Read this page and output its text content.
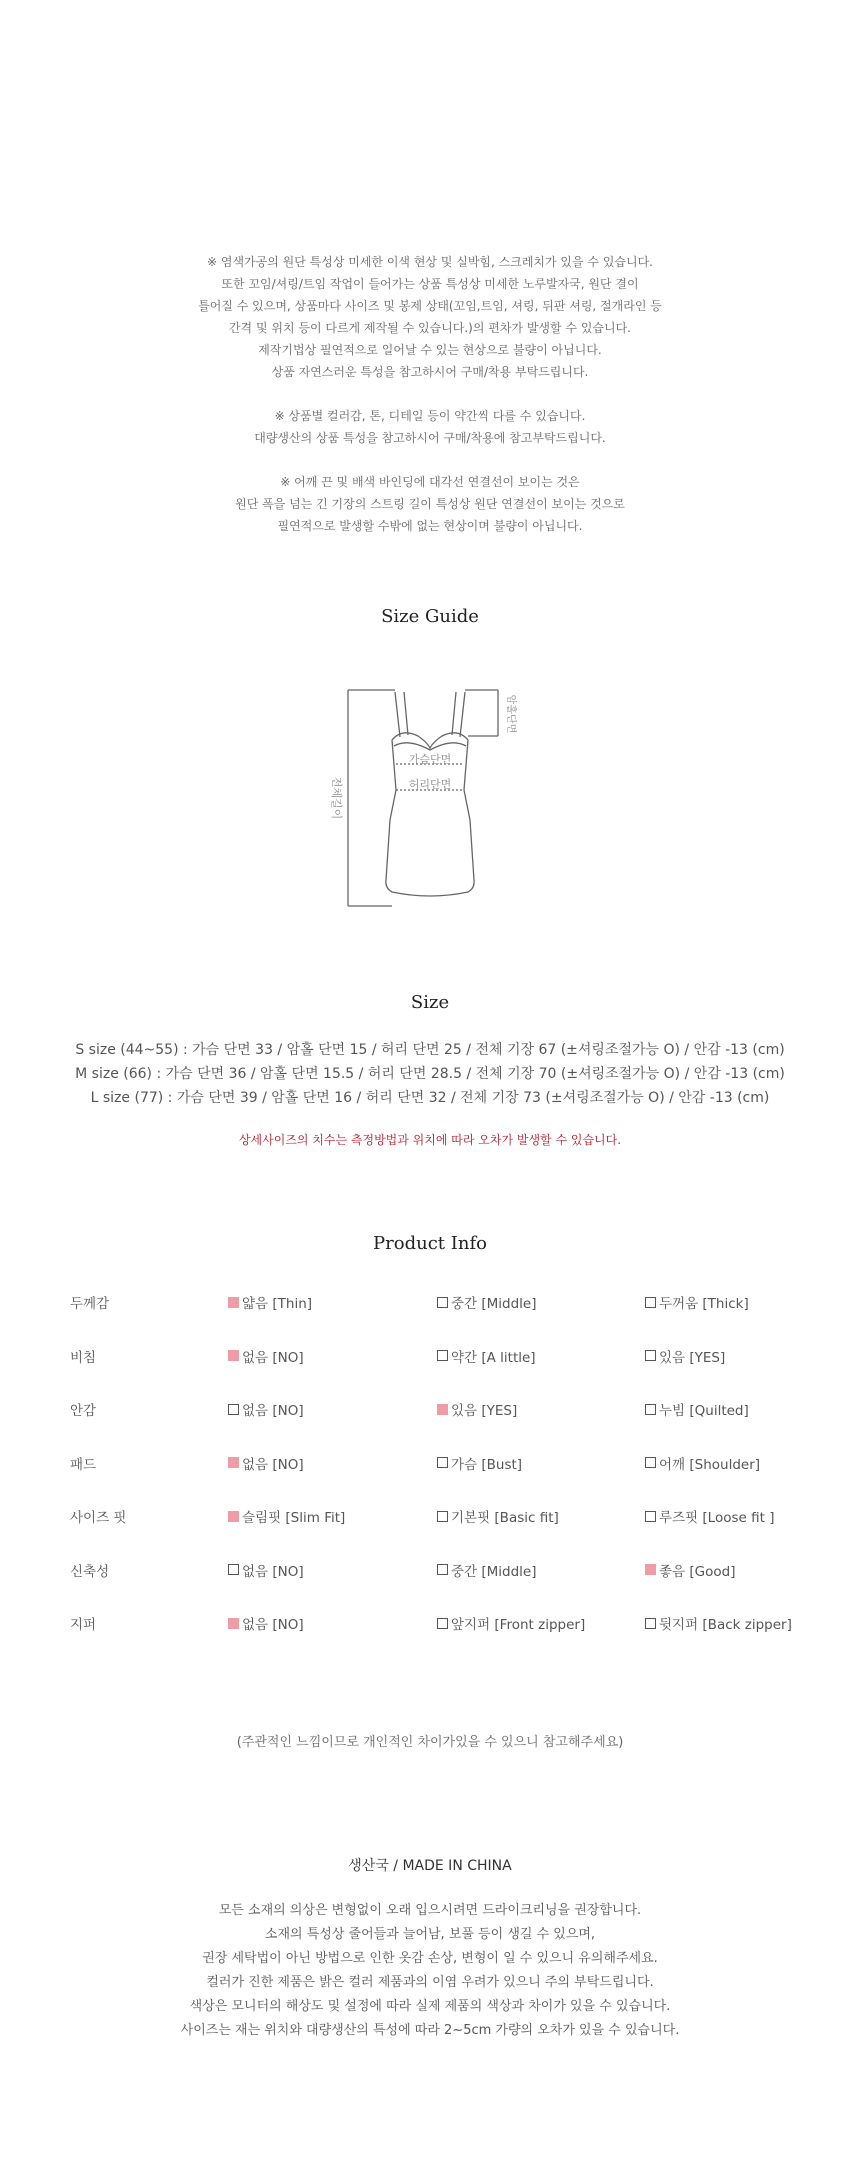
※ 염색가공의 원단 특성상 미세한 이색 현상 및 실박힘, 스크레치가 있을 수 있습니다.

또한 꼬임/셔링/트임 작업이 들어가는 상품 특성상 미세한 노루발자국, 원단 결이

틀어질 수 있으며, 상품마다 사이즈 및 봉제 상태(꼬임,트임, 셔링, 뒤판 셔링, 절개라인 등

간격 및 위치 등이 다르게 제작될 수 있습니다.)의 편차가 발생할 수 있습니다.

제작기법상 필연적으로 일어날 수 있는 현상으로 불량이 아닙니다.

상품 자연스러운 특성을 참고하시어 구매/착용 부탁드립니다.

※ 상품별 컬러감, 톤, 디테일 등이 약간씩 다를 수 있습니다.

대량생산의 상품 특성을 참고하시어 구매/착용에 참고부탁드립니다.

※ 어깨 끈 및 배색 바인딩에 대각선 연결선이 보이는 것은

원단 폭을 넘는 긴 기장의 스트링 길이 특성상 원단 연결선이 보이는 것으로

필연적으로 발생할 수밖에 없는 현상이며 불량이 아닙니다.

Size Guide
가슴단면
허리단면
전체길이
암홀단면
Size

S size (44~55) : 가슴 단면 33 / 암홀 단면 15 / 허리 단면 25 / 전체 기장 67 (±셔링조절가능 O) / 안감 -13 (cm)

M size (66) : 가슴 단면 36 / 암홀 단면 15.5 / 허리 단면 28.5 / 전체 기장 70 (±셔링조절가능 O) / 안감 -13 (cm)

L size (77) : 가슴 단면 39 / 암홀 단면 16 / 허리 단면 32 / 전체 기장 73 (±셔링조절가능 O) / 안감 -13 (cm)

상세사이즈의 치수는 측정방법과 위치에 따라 오차가 발생할 수 있습니다.
Product Info
두께감	얇음 [Thin]	중간 [Middle]	두꺼움 [Thick]
비침	없음 [NO]	약간 [A little]	있음 [YES]
안감	없음 [NO]	있음 [YES]	누빔 [Quilted]
패드	없음 [NO]	가슴 [Bust]	어깨 [Shoulder]
사이즈 핏	슬림핏 [Slim Fit]	기본핏 [Basic fit]	루즈핏 [Loose fit ]
신축성	없음 [NO]	중간 [Middle]	좋음 [Good]
지퍼	없음 [NO]	앞지퍼 [Front zipper]	뒷지퍼 [Back zipper]
(주관적인 느낌이므로 개인적인 차이가있을 수 있으니 참고해주세요)
생산국 / MADE IN CHINA

모든 소재의 의상은 변형없이 오래 입으시려면 드라이크리닝을 권장합니다.

소재의 특성상 줄어들과 늘어남, 보풀 등이 생길 수 있으며,

권장 세탁법이 아닌 방법으로 인한 옷감 손상, 변형이 일 수 있으니 유의해주세요.

컬러가 진한 제품은 밝은 컬러 제품과의 이염 우려가 있으니 주의 부탁드립니다.

색상은 모니터의 해상도 및 설정에 따라 실제 제품의 색상과 차이가 있을 수 있습니다.

사이즈는 재는 위치와 대량생산의 특성에 따라 2~5cm 가량의 오차가 있을 수 있습니다.
